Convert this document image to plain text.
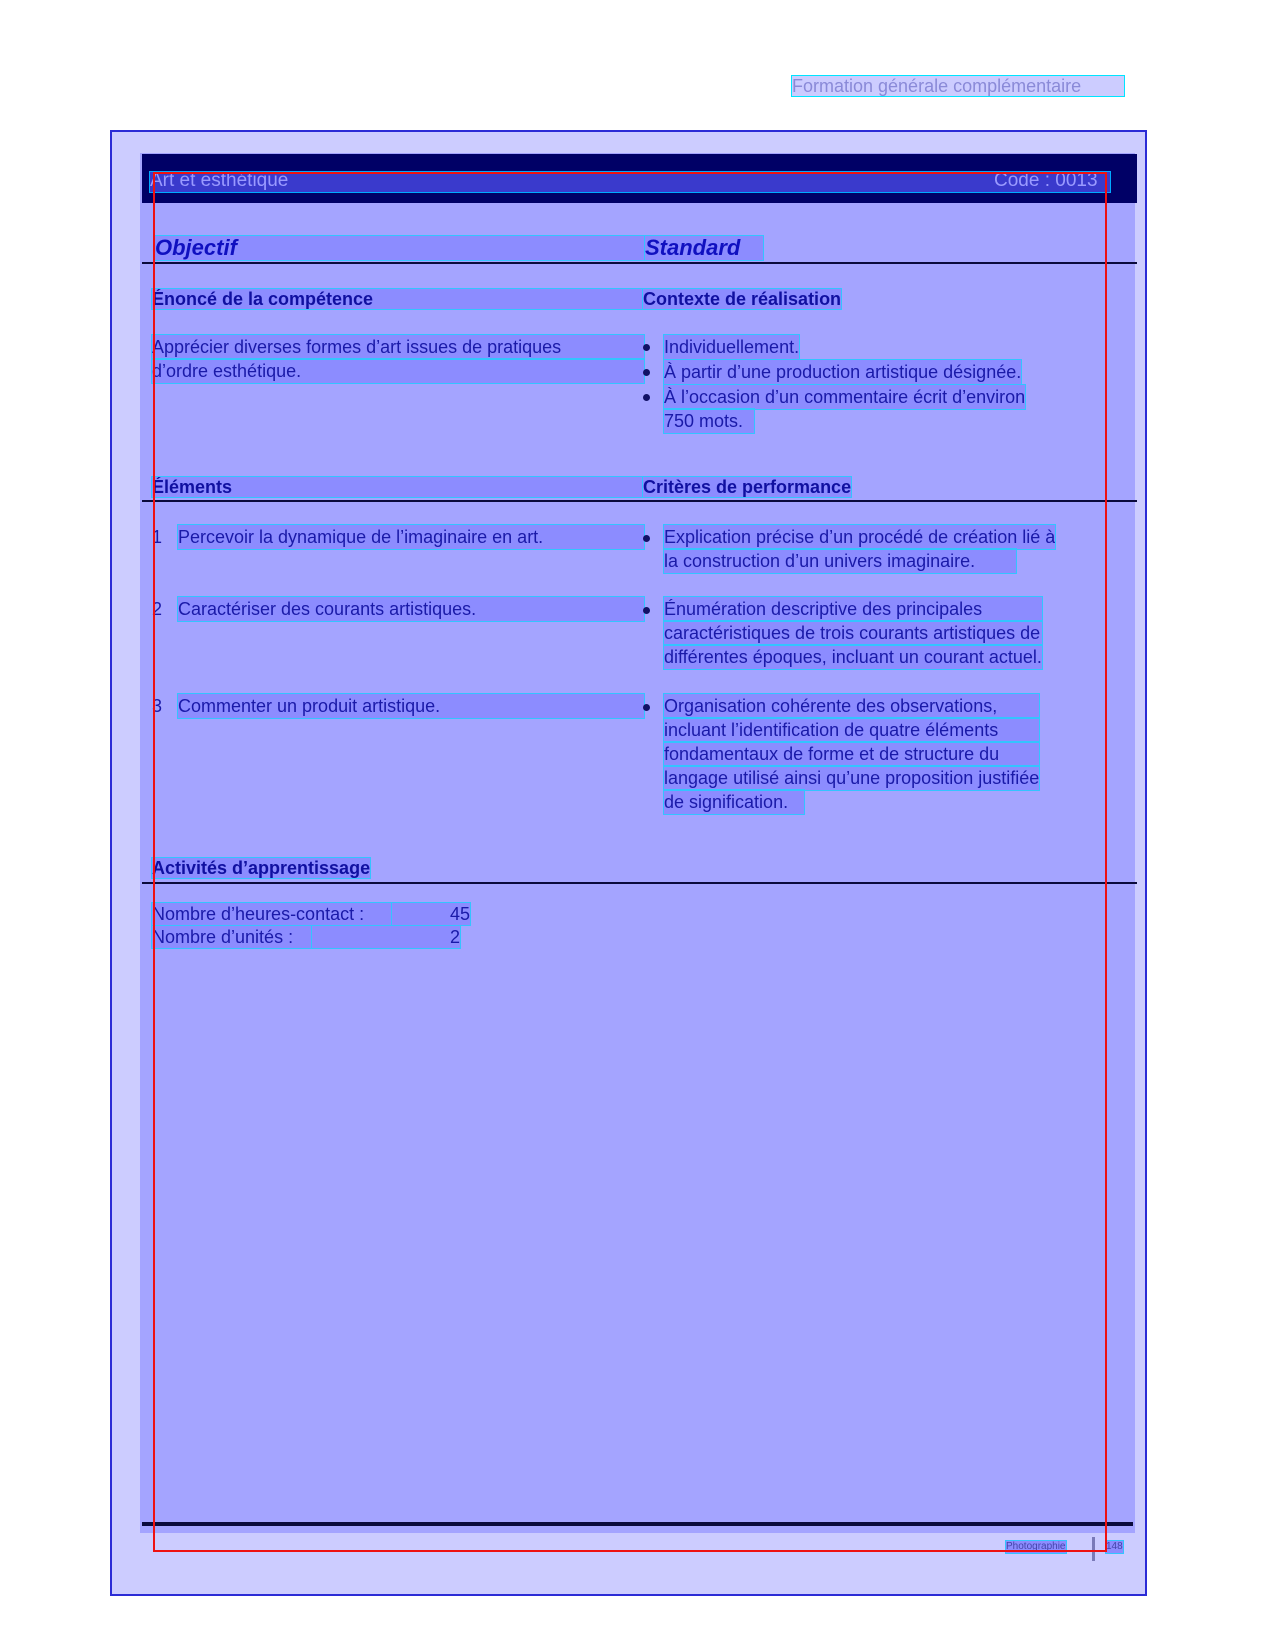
Formation générale complémentaire
Art et esthétique	Code : 0013
Objectif	Standard
Énoncé de la compétence	Contexte de réalisation
Apprécier diverses formes d’art issues de pratiques
d’ordre esthétique.
Individuellement.
À partir d’une production artistique désignée.
À l’occasion d’un commentaire écrit d’environ
750 mots.
Éléments	Critères de performance
1 Percevoir la dynamique de l’imaginaire en art.	Explication précise d’un procédé de création lié à
la construction d’un univers imaginaire.
2 Caractériser des courants artistiques.	Énumération descriptive des principales
caractéristiques de trois courants artistiques de
différentes époques, incluant un courant actuel.
3 Commenter un produit artistique.	Organisation cohérente des observations,
incluant l’identification de quatre éléments
fondamentaux de forme et de structure du
langage utilisé ainsi qu’une proposition justifiée
de signification.
Activités d’apprentissage
Nombre d’heures-contact :	45
Nombre d’unités :	2
Photographie	148
